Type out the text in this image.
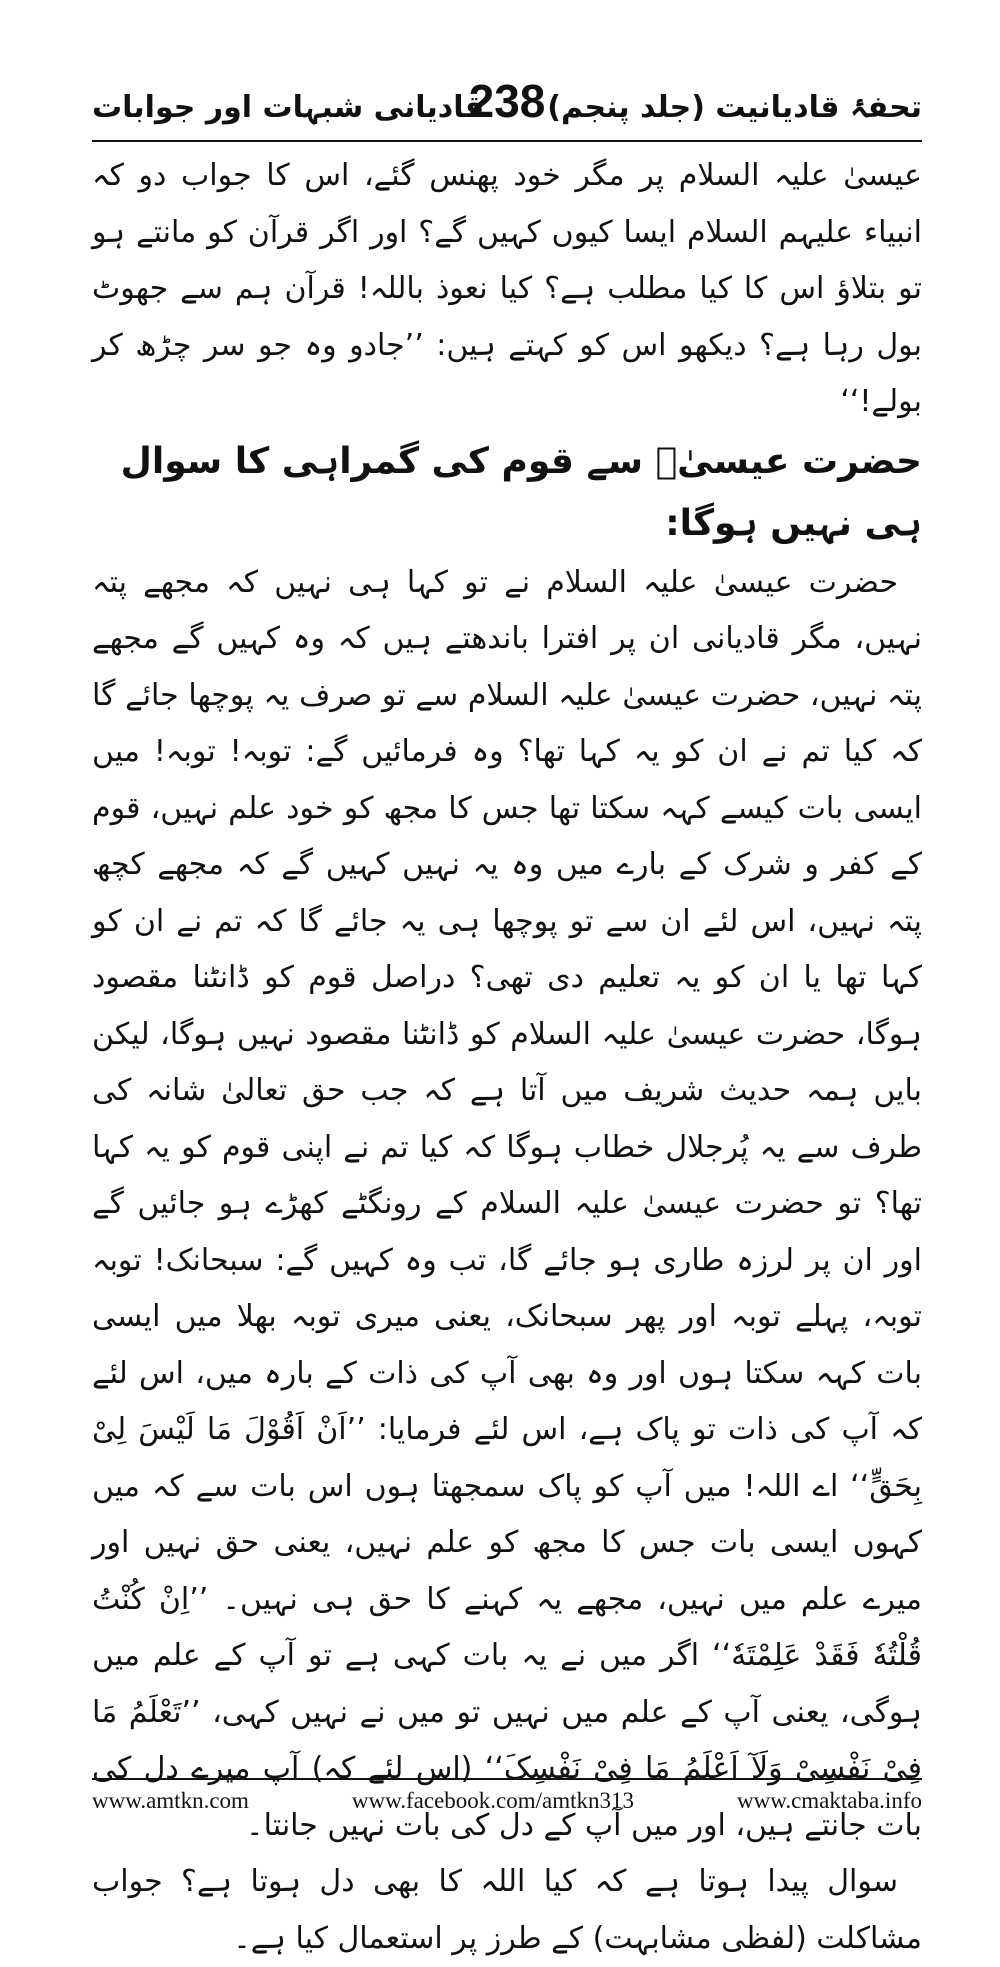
تحفۂ قادیانیت (جلد پنجم)
238
قادیانی شبہات اور جوابات

عیسیٰ علیہ السلام پر مگر خود پھنس گئے، اس کا جواب دو کہ انبیاء علیہم السلام ایسا کیوں کہیں گے؟ اور اگر قرآن کو مانتے ہو تو بتلاؤ اس کا کیا مطلب ہے؟ کیا نعوذ باللہ! قرآن ہم سے جھوٹ بول رہا ہے؟ دیکھو اس کو کہتے ہیں: ’’جادو وہ جو سر چڑھ کر بولے!‘‘

حضرت عیسیٰؑ سے قوم کی گمراہی کا سوال ہی نہیں ہوگا:

حضرت عیسیٰ علیہ السلام نے تو کہا ہی نہیں کہ مجھے پتہ نہیں، مگر قادیانی ان پر افترا باندھتے ہیں کہ وہ کہیں گے مجھے پتہ نہیں، حضرت عیسیٰ علیہ السلام سے تو صرف یہ پوچھا جائے گا کہ کیا تم نے ان کو یہ کہا تھا؟ وہ فرمائیں گے: توبہ! توبہ! میں ایسی بات کیسے کہہ سکتا تھا جس کا مجھ کو خود علم نہیں، قوم کے کفر و شرک کے بارے میں وہ یہ نہیں کہیں گے کہ مجھے کچھ پتہ نہیں، اس لئے ان سے تو پوچھا ہی یہ جائے گا کہ تم نے ان کو کہا تھا یا ان کو یہ تعلیم دی تھی؟ دراصل قوم کو ڈانٹنا مقصود ہوگا، حضرت عیسیٰ علیہ السلام کو ڈانٹنا مقصود نہیں ہوگا، لیکن بایں ہمہ حدیث شریف میں آتا ہے کہ جب حق تعالیٰ شانہ کی طرف سے یہ پُرجلال خطاب ہوگا کہ کیا تم نے اپنی قوم کو یہ کہا تھا؟ تو حضرت عیسیٰ علیہ السلام کے رونگٹے کھڑے ہو جائیں گے اور ان پر لرزہ طاری ہو جائے گا، تب وہ کہیں گے: سبحانک! توبہ توبہ، پہلے توبہ اور پھر سبحانک، یعنی میری توبہ بھلا میں ایسی بات کہہ سکتا ہوں اور وہ بھی آپ کی ذات کے بارہ میں، اس لئے کہ آپ کی ذات تو پاک ہے، اس لئے فرمایا: ’’اَنْ اَقُوْلَ مَا لَیْسَ لِیْ بِحَقٍّ‘‘ اے اللہ! میں آپ کو پاک سمجھتا ہوں اس بات سے کہ میں کہوں ایسی بات جس کا مجھ کو علم نہیں، یعنی حق نہیں اور میرے علم میں نہیں، مجھے یہ کہنے کا حق ہی نہیں۔ ’’اِنْ کُنْتُ قُلْتُهٗ فَقَدْ عَلِمْتَهٗ‘‘ اگر میں نے یہ بات کہی ہے تو آپ کے علم میں ہوگی، یعنی آپ کے علم میں نہیں تو میں نے نہیں کہی، ’’تَعْلَمُ مَا فِیْ نَفْسِیْ وَلَآ اَعْلَمُ مَا فِیْ نَفْسِکَ‘‘ (اس لئے کہ) آپ میرے دل کی بات جانتے ہیں، اور میں آپ کے دل کی بات نہیں جانتا۔

سوال پیدا ہوتا ہے کہ کیا اللہ کا بھی دل ہوتا ہے؟ جواب مشاکلت (لفظی مشابہت) کے طرز پر استعمال کیا ہے۔

www.amtkn.com	www.facebook.com/amtkn313	www.cmaktaba.info
